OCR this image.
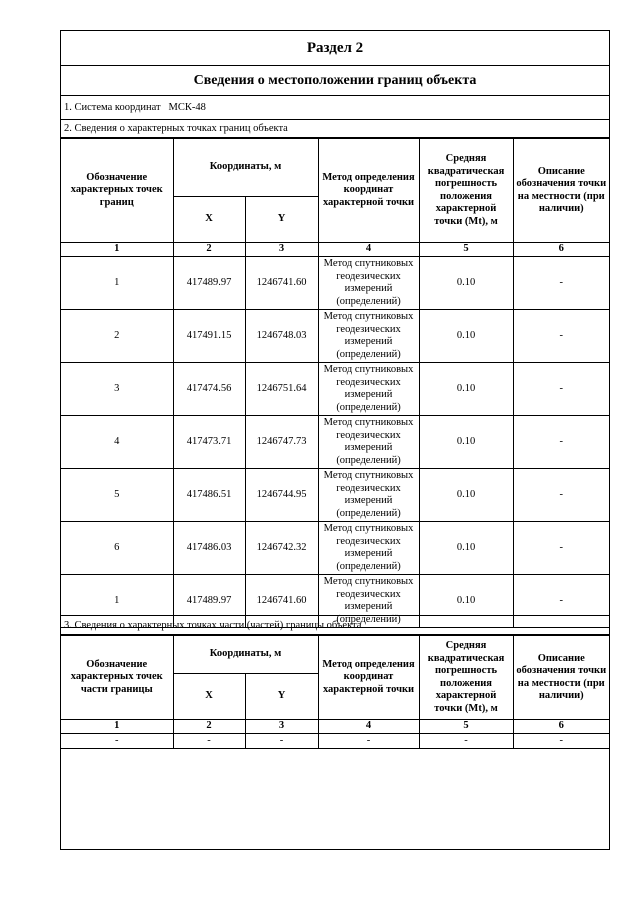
Раздел 2
Сведения о местоположении границ объекта
1. Система координат
МСК-48
2. Сведения о характерных точках границ объекта
Обозначение характерных точек границ	Координаты, м		Метод определения координат характерной точки	Средняя квадратическая погрешность положения характерной точки (Mt), м	Описание обозначения точки на местности (при наличии)
	X	Y			
1	2	3	4	5	6
1	417489.97	1246741.60	Метод спутниковых геодезических измерений (определений)	0.10	-
2	417491.15	1246748.03	Метод спутниковых геодезических измерений (определений)	0.10	-
3	417474.56	1246751.64	Метод спутниковых геодезических измерений (определений)	0.10	-
4	417473.71	1246747.73	Метод спутниковых геодезических измерений (определений)	0.10	-
5	417486.51	1246744.95	Метод спутниковых геодезических измерений (определений)	0.10	-
6	417486.03	1246742.32	Метод спутниковых геодезических измерений (определений)	0.10	-
1	417489.97	1246741.60	Метод спутниковых геодезических измерений (определений)	0.10	-
3. Сведения о характерных точках части (частей) границы объекта
Обозначение характерных точек части границы	Координаты, м		Метод определения координат характерной точки	Средняя квадратическая погрешность положения характерной точки (Mt), м	Описание обозначения точки на местности (при наличии)
	X	Y			
1	2	3	4	5	6
-	-	-	-	-	-
